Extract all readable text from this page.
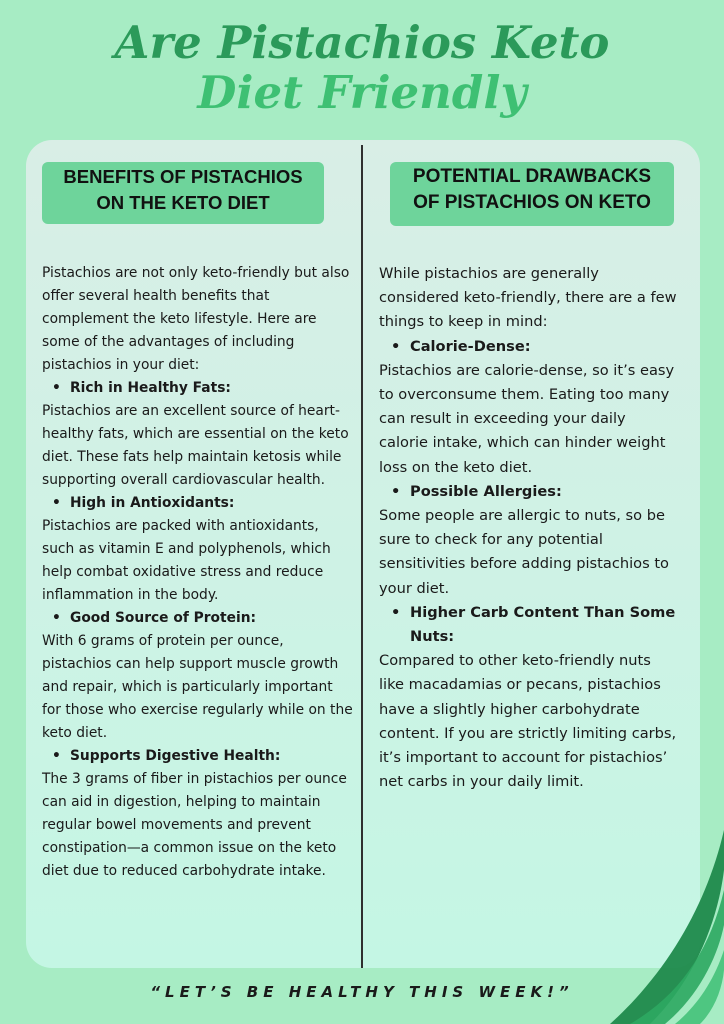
Are Pistachios Keto
Diet Friendly
BENEFITS OF PISTACHIOS
ON THE KETO DIET
POTENTIAL DRAWBACKS
OF PISTACHIOS ON KETO

Pistachios are not only keto-friendly but also offer several health benefits that complement the keto lifestyle. Here are some of the advantages of including pistachios in your diet:

• Rich in Healthy Fats:

Pistachios are an excellent source of heart-healthy fats, which are essential on the keto diet. These fats help maintain ketosis while supporting overall cardiovascular health.

• High in Antioxidants:

Pistachios are packed with antioxidants, such as vitamin E and polyphenols, which help combat oxidative stress and reduce inflammation in the body.

• Good Source of Protein:

With 6 grams of protein per ounce, pistachios can help support muscle growth and repair, which is particularly important for those who exercise regularly while on the keto diet.

• Supports Digestive Health:

The 3 grams of fiber in pistachios per ounce can aid in digestion, helping to maintain regular bowel movements and prevent constipation—a common issue on the keto diet due to reduced carbohydrate intake.

While pistachios are generally considered keto-friendly, there are a few things to keep in mind:

• Calorie-Dense:

Pistachios are calorie-dense, so it’s easy to overconsume them. Eating too many can result in exceeding your daily calorie intake, which can hinder weight loss on the keto diet.

• Possible Allergies:

Some people are allergic to nuts, so be sure to check for any potential sensitivities before adding pistachios to your diet.

• Higher Carb Content Than Some Nuts:

Compared to other keto-friendly nuts like macadamias or pecans, pistachios have a slightly higher carbohydrate content. If you are strictly limiting carbs, it’s important to account for pistachios’ net carbs in your daily limit.

“LET’S BE HEALTHY THIS WEEK!”
